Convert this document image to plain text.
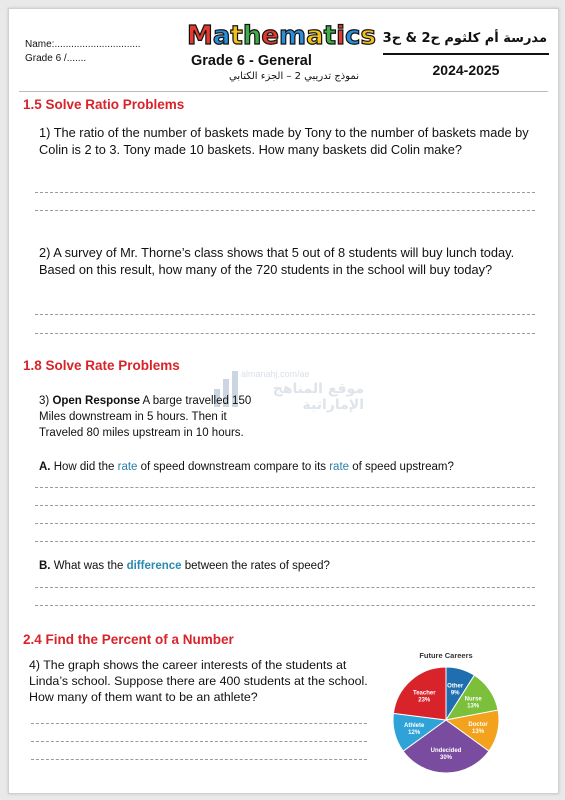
Name:...............................
Grade 6 /.......
Mathematics
Grade 6 - General
نموذج تدريبي 2 – الجزء الكتابي
مدرسة أم كلثوم ح2 & ح3
2024-2025
1.5 Solve Ratio Problems
1) The ratio of the number of baskets made by Tony to the number of baskets made by Colin is 2 to 3. Tony made 10 baskets. How many baskets did Colin make?
2) A survey of Mr. Thorne’s class shows that 5 out of 8 students will buy lunch today. Based on this result, how many of the 720 students in the school will buy today?
1.8 Solve Rate Problems
almanahj.com/ae
موقع المناهج الإماراتية
3) Open Response A barge travelled 150
Miles downstream in 5 hours. Then it
Traveled 80 miles upstream in 10 hours.
A. How did the rate of speed downstream compare to its rate of speed upstream?
B. What was the difference between the rates of speed?
2.4 Find the Percent of a Number
4) The graph shows the career interests of the students at Linda’s school. Suppose there are 400 students at the school. How many of them want to be an athlete?
Future Careers
Other
9%
Nurse
13%
Doctor
13%
Undecided
30%
Athlete
12%
Teacher
23%
